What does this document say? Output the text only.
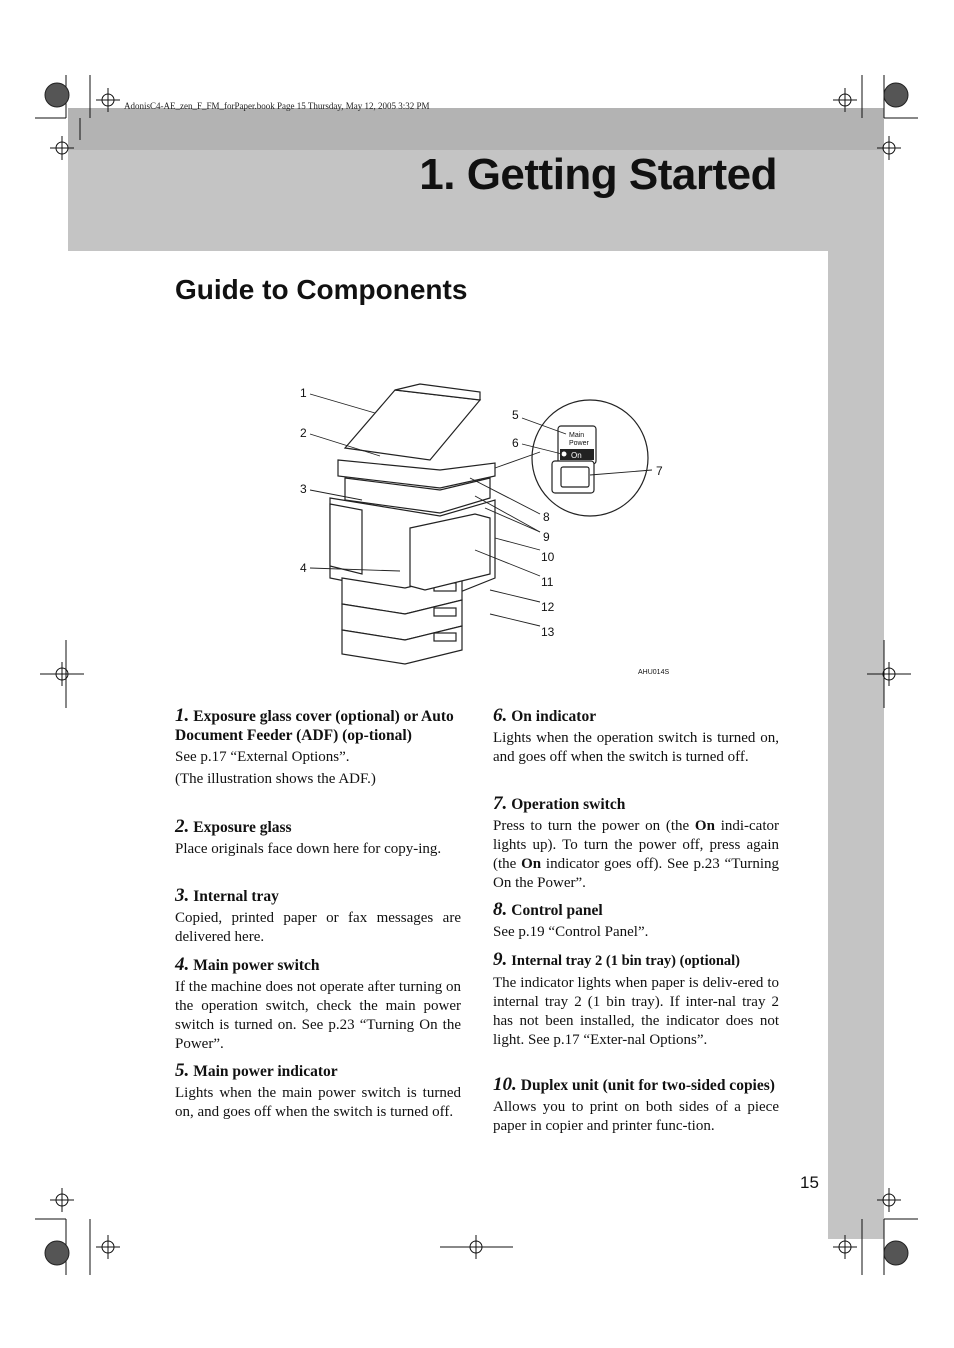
AdonisC4-AE_zen_F_FM_forPaper.book Page 15 Thursday, May 12, 2005 3:32 PM
1. Getting Started
Guide to Components
Main
Power
On
1
2
3
4
5
6
7
8
9
10
11
12
13
AHU014S

1. Exposure glass cover (optional) or Auto Document Feeder (ADF) (op-tional)

See p.17 “External Options”.

(The illustration shows the ADF.)

2. Exposure glass

Place originals face down here for copy-ing.

3. Internal tray

Copied, printed paper or fax messages are delivered here.

4. Main power switch

If the machine does not operate after turning on the operation switch, check the main power switch is turned on. See p.23 “Turning On the Power”.

5. Main power indicator

Lights when the main power switch is turned on, and goes off when the switch is turned off.

6. On indicator

Lights when the operation switch is turned on, and goes off when the switch is turned off.

7. Operation switch

Press to turn the power on (the On indi-cator lights up). To turn the power off, press again (the On indicator goes off). See p.23 “Turning On the Power”.

8. Control panel

See p.19 “Control Panel”.

9. Internal tray 2 (1 bin tray) (optional)

The indicator lights when paper is deliv-ered to internal tray 2 (1 bin tray). If inter-nal tray 2 has not been installed, the indicator does not light. See p.17 “Exter-nal Options”.

10. Duplex unit (unit for two-sided copies)

Allows you to print on both sides of a piece paper in copier and printer func-tion.

15
